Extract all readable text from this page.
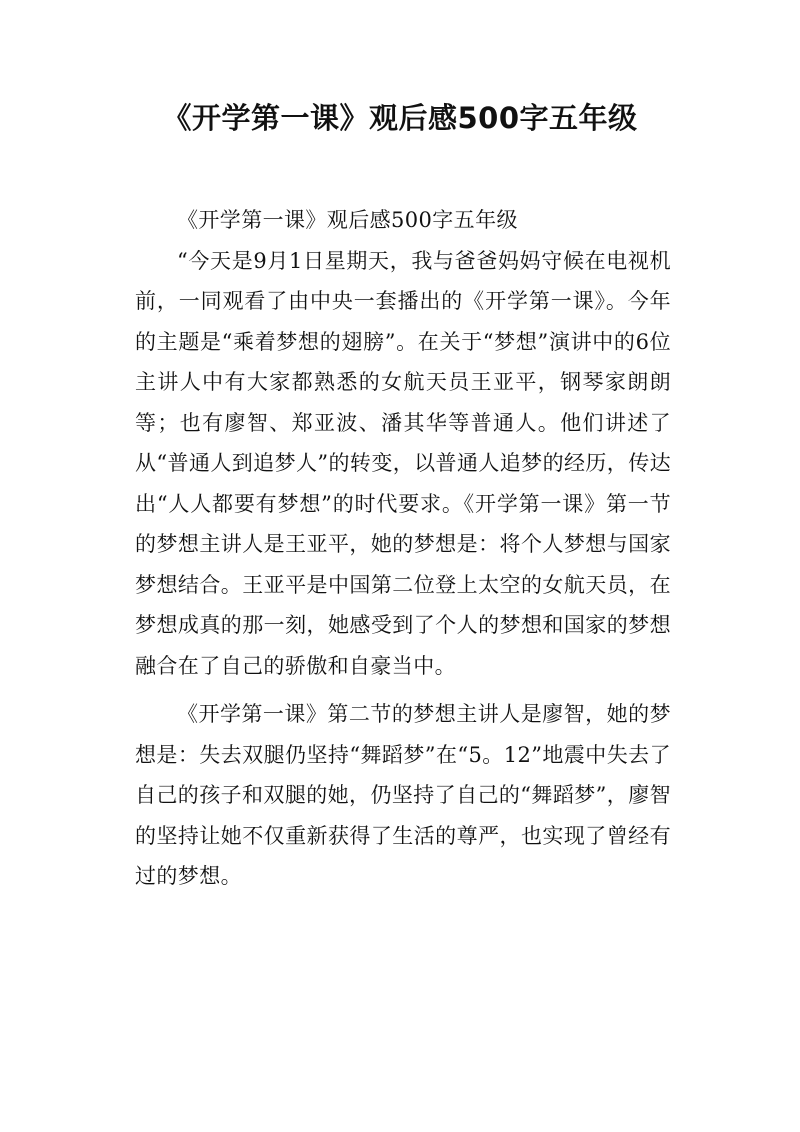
《开学第一课》观后感500字五年级

《开学第一课》观后感500字五年级

“今天是9月1日星期天，我与爸爸妈妈守候在电视机前，一同观看了由中央一套播出的《开学第一课》。今年的主题是“乘着梦想的翅膀”。在关于“梦想”演讲中的6位主讲人中有大家都熟悉的女航天员王亚平，钢琴家朗朗等；也有廖智、郑亚波、潘其华等普通人。他们讲述了从“普通人到追梦人”的转变，以普通人追梦的经历，传达出“人人都要有梦想”的时代要求。《开学第一课》第一节的梦想主讲人是王亚平，她的梦想是：将个人梦想与国家梦想结合。王亚平是中国第二位登上太空的女航天员，在梦想成真的那一刻，她感受到了个人的梦想和国家的梦想融合在了自己的骄傲和自豪当中。

《开学第一课》第二节的梦想主讲人是廖智，她的梦想是：失去双腿仍坚持“舞蹈梦”在“5。12”地震中失去了自己的孩子和双腿的她，仍坚持了自己的“舞蹈梦”，廖智的坚持让她不仅重新获得了生活的尊严，也实现了曾经有过的梦想。
